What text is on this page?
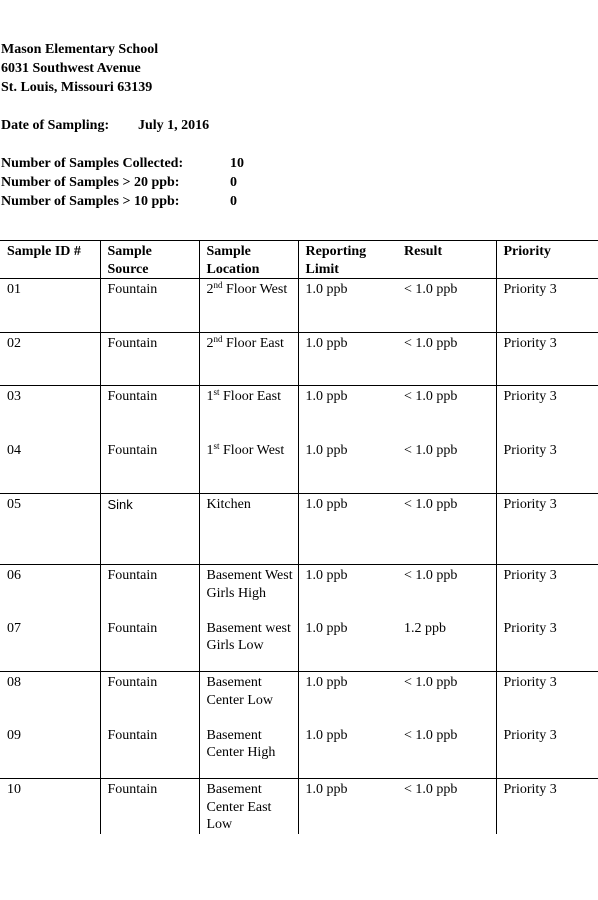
Mason Elementary School
6031 Southwest Avenue
St. Louis, Missouri 63139
Date of Sampling: July 1, 2016
Number of Samples Collected:	10
Number of Samples > 20 ppb:	0
Number of Samples > 10 ppb:	0
Sample ID #	Sample Source	Sample Location	Reporting Limit	Result	Priority
01	Fountain	2nd Floor West	1.0 ppb	< 1.0 ppb	Priority 3
02	Fountain	2nd Floor East	1.0 ppb	< 1.0 ppb	Priority 3
03	Fountain	1st Floor East	1.0 ppb	< 1.0 ppb	Priority 3
04	Fountain	1st Floor West	1.0 ppb	< 1.0 ppb	Priority 3
05	Sink	Kitchen	1.0 ppb	< 1.0 ppb	Priority 3
06	Fountain	Basement West Girls High	1.0 ppb	< 1.0 ppb	Priority 3
07	Fountain	Basement west Girls Low	1.0 ppb	1.2 ppb	Priority 3
08	Fountain	Basement Center Low	1.0 ppb	< 1.0 ppb	Priority 3
09	Fountain	Basement Center High	1.0 ppb	< 1.0 ppb	Priority 3
10	Fountain	Basement Center East Low	1.0 ppb	< 1.0 ppb	Priority 3
